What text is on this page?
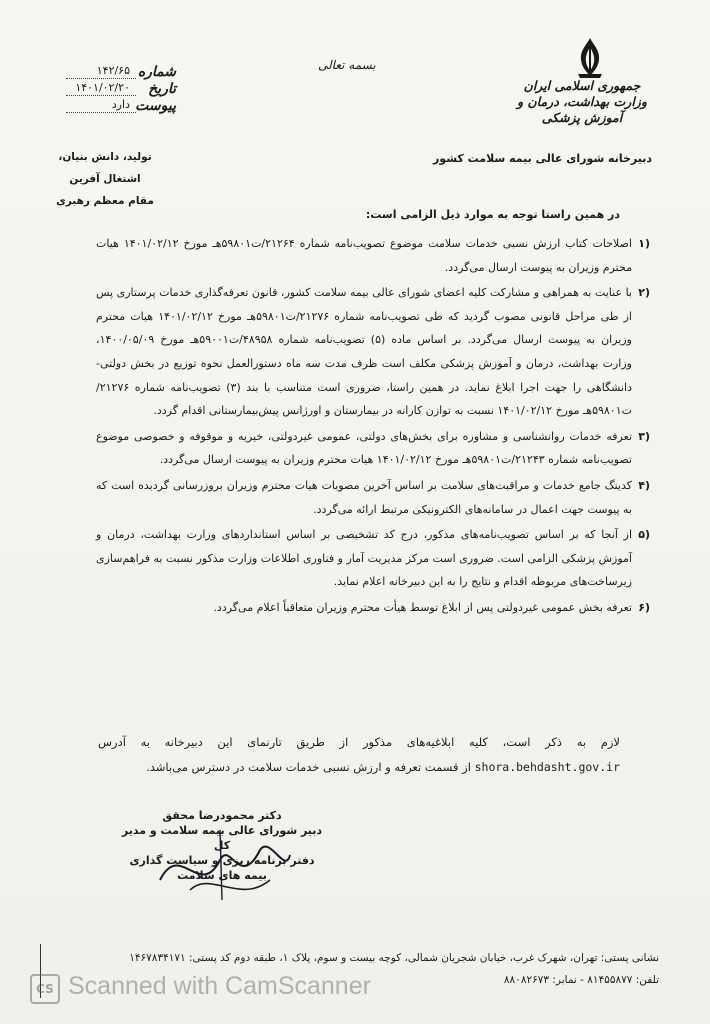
جمهوری اسلامی ایران
وزارت بهداشت، درمان و آموزش پزشکی
دبیرخانه شورای عالی بیمه سلامت کشور
بسمه تعالی
شماره
۱۴۲/۶۵
تاریخ
۱۴۰۱/۰۲/۲۰
پیوست
دارد
تولید، دانش بنیان، اشتغال آفرین
مقام معظم رهبری
در همین راستا توجه به موارد ذیل الزامی است:
(۱
اصلاحات کتاب ارزش نسبی خدمات سلامت موضوع تصویب‌نامه شماره ۲۱۲۶۴/ت۵۹۸۰۱هـ مورخ ۱۴۰۱/۰۲/۱۲ هیات محترم وزیران به پیوست ارسال می‌گردد.
(۲
با عنایت به همراهی و مشارکت کلیه اعضای شورای عالی بیمه سلامت کشور، قانون تعرفه‌گذاری خدمات پرستاری پس از طی مراحل قانونی مصوب گردید که طی تصویب‌نامه شماره ۲۱۲۷۶/ت۵۹۸۰۱هـ مورخ ۱۴۰۱/۰۲/۱۲ هیات محترم وزیران به پیوست ارسال می‌گردد. بر اساس ماده (۵) تصویب‌نامه شماره ۴۸۹۵۸/ت۵۹۰۰۱هـ مورخ ۱۴۰۰/۰۵/۰۹، وزارت بهداشت، درمان و آموزش پزشکی مکلف است ظرف مدت سه ماه دستورالعمل نحوه توزیع در بخش دولتی-دانشگاهی را جهت اجرا ابلاغ نماید. در همین راستا، ضروری است متناسب با بند (۳) تصویب‌نامه شماره ۲۱۲۷۶/ت۵۹۸۰۱هـ مورخ ۱۴۰۱/۰۲/۱۲ نسبت به توازن کارانه در بیمارستان و اورژانس پیش‌بیمارستانی اقدام گردد.
(۳
تعرفه خدمات روانشناسی و مشاوره برای بخش‌های دولتی، عمومی غیردولتی، خیریه و موقوفه و خصوصی موضوع تصویب‌نامه شماره ۲۱۲۴۳/ت۵۹۸۰۱هـ مورخ ۱۴۰۱/۰۲/۱۲ هیات محترم وزیران به پیوست ارسال می‌گردد.
(۴
کدینگ جامع خدمات و مراقبت‌های سلامت بر اساس آخرین مصوبات هیات محترم وزیران بروزرسانی گردیده است که به پیوست جهت اعمال در سامانه‌های الکترونیکی مرتبط ارائه می‌گردد.
(۵
از آنجا که بر اساس تصویب‌نامه‌های مذکور، درج کد تشخیصی بر اساس استانداردهای وزارت بهداشت، درمان و آموزش پزشکی الزامی است. ضروری است مرکز مدیریت آمار و فناوری اطلاعات وزارت مذکور نسبت به فراهم‌سازی زیرساخت‌های مربوطه اقدام و نتایج را به این دبیرخانه اعلام نماید.
(۶
تعرفه بخش عمومی غیردولتی پس از ابلاغ توسط هیأت محترم وزیران متعاقباً اعلام می‌گردد.
لازم به ذکر است، کلیه ابلاغیه‌های مذکور از طریق تارنمای این دبیرخانه به آدرس shora.behdasht.gov.ir از قسمت تعرفه و ارزش نسبی خدمات سلامت در دسترس می‌باشد.
دکتر محمودرضا محقق
دبیر شورای عالی بیمه سلامت و مدیر کل
دفتر برنامه ریزی و سیاست گذاری
بیمه های سلامت
نشانی پستی: تهران، شهرک غرب، خیابان شجریان شمالی، کوچه بیست و سوم، پلاک ۱، طبقه دوم کد پستی: ۱۴۶۷۸۳۴۱۷۱
تلفن: ۸۱۴۵۵۸۷۷ - نمابر: ۸۸۰۸۲۶۷۳
CS Scanned with CamScanner
